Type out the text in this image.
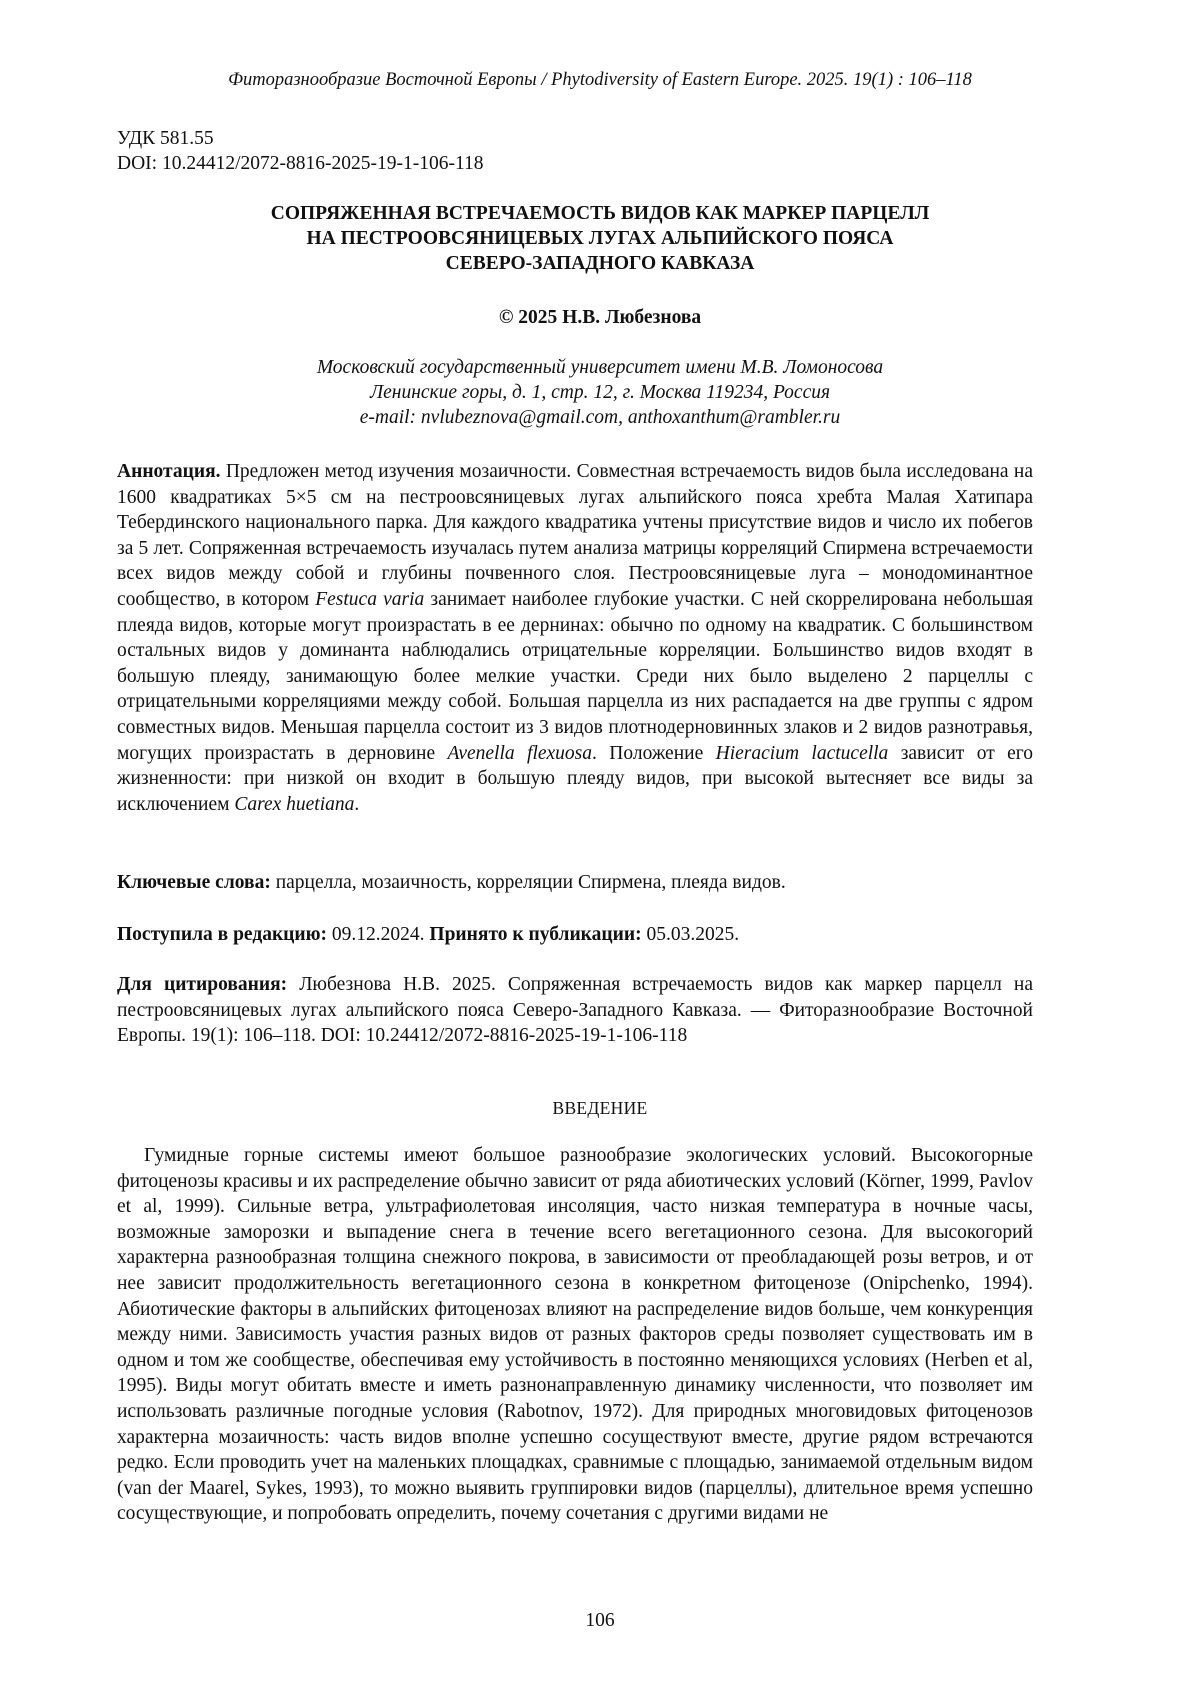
Фиторазнообразие Восточной Европы / Phytodiversity of Eastern Europe. 2025. 19(1) : 106–118
УДК 581.55
DOI: 10.24412/2072-8816-2025-19-1-106-118
СОПРЯЖЕННАЯ ВСТРЕЧАЕМОСТЬ ВИДОВ КАК МАРКЕР ПАРЦЕЛЛ
НА ПЕСТРООВСЯНИЦЕВЫХ ЛУГАХ АЛЬПИЙСКОГО ПОЯСА
СЕВЕРО-ЗАПАДНОГО КАВКАЗА
© 2025 Н.В. Любезнова
Московский государственный университет имени М.В. Ломоносова
Ленинские горы, д. 1, стр. 12, г. Москва 119234, Россия
e-mail: nvlubeznova@gmail.com, anthoxanthum@rambler.ru

Аннотация. Предложен метод изучения мозаичности. Совместная встречаемость видов была исследована на 1600 квадратиках 5×5 см на пестроовсяницевых лугах альпийского пояса хребта Малая Хатипара Тебердинского национального парка. Для каждого квадратика учтены присутствие видов и число их побегов за 5 лет. Сопряженная встречаемость изучалась путем анализа матрицы корреляций Спирмена встречаемости всех видов между собой и глубины почвенного слоя. Пестроовсяницевые луга – монодоминантное сообщество, в котором Festuca varia занимает наиболее глубокие участки. С ней скоррелирована небольшая плеяда видов, которые могут произрастать в ее дернинах: обычно по одному на квадратик. С большинством остальных видов у доминанта наблюдались отрицательные корреляции. Большинство видов входят в большую плеяду, занимающую более мелкие участки. Среди них было выделено 2 парцеллы с отрицательными корреляциями между собой. Большая парцелла из них распадается на две группы с ядром совместных видов. Меньшая парцелла состоит из 3 видов плотнодерновинных злаков и 2 видов разнотравья, могущих произрастать в дерновине Avenella flexuosa. Положение Hieracium lactucella зависит от его жизненности: при низкой он входит в большую плеяду видов, при высокой вытесняет все виды за исключением Carex huetiana.

Ключевые слова: парцелла, мозаичность, корреляции Спирмена, плеяда видов.

Поступила в редакцию: 09.12.2024. Принято к публикации: 05.03.2025.

Для цитирования: Любезнова Н.В. 2025. Сопряженная встречаемость видов как маркер парцелл на пестроовсяницевых лугах альпийского пояса Северо-Западного Кавказа. — Фиторазнообразие Восточной Европы. 19(1): 106–118. DOI: 10.24412/2072-8816-2025-19-1-106-118

ВВЕДЕНИЕ

Гумидные горные системы имеют большое разнообразие экологических условий. Высокогорные фитоценозы красивы и их распределение обычно зависит от ряда абиотических условий (Körner, 1999, Pavlov et al, 1999). Сильные ветра, ультрафиолетовая инсоляция, часто низкая температура в ночные часы, возможные заморозки и выпадение снега в течение всего вегетационного сезона. Для высокогорий характерна разнообразная толщина снежного покрова, в зависимости от преобладающей розы ветров, и от нее зависит продолжительность вегетационного сезона в конкретном фитоценозе (Onipchenko, 1994). Абиотические факторы в альпийских фитоценозах влияют на распределение видов больше, чем конкуренция между ними. Зависимость участия разных видов от разных факторов среды позволяет существовать им в одном и том же сообществе, обеспечивая ему устойчивость в постоянно меняющихся условиях (Herben et al, 1995). Виды могут обитать вместе и иметь разнонаправленную динамику численности, что позволяет им использовать различные погодные условия (Rabotnov, 1972). Для природных многовидовых фитоценозов характерна мозаичность: часть видов вполне успешно сосуществуют вместе, другие рядом встречаются редко. Если проводить учет на маленьких площадках, сравнимые с площадью, занимаемой отдельным видом (van der Maarel, Sykes, 1993), то можно выявить группировки видов (парцеллы), длительное время успешно сосуществующие, и попробовать определить, почему сочетания с другими видами не

106
